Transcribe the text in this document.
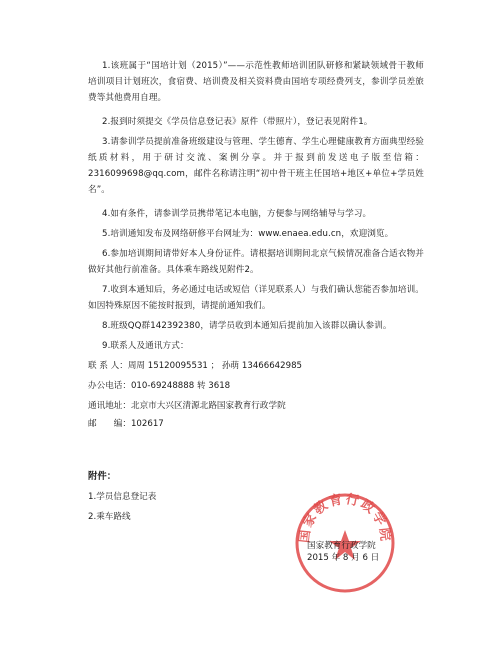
1.该班属于“国培计划（2015）”——示范性教师培训团队研修和紧缺领域骨干教师培训项目计划班次，食宿费、培训费及相关资料费由国培专项经费列支，参训学员差旅费等其他费用自理。
2.报到时须提交《学员信息登记表》原件（带照片），登记表见附件1。
3.请参训学员提前准备班级建设与管理、学生德育、学生心理健康教育方面典型经验纸质材料，用于研讨交流、案例分享。并于报到前发送电子版至信箱：2316099698@qq.com，邮件名称请注明“初中骨干班主任国培+地区+单位+学员姓名”。
4.如有条件，请参训学员携带笔记本电脑，方便参与网络辅导与学习。
5.培训通知发布及网络研修平台网址为：www.enaea.edu.cn，欢迎浏览。
6.参加培训期间请带好本人身份证件。请根据培训期间北京气候情况准备合适衣物并做好其他行前准备。具体乘车路线见附件2。
7.收到本通知后，务必通过电话或短信（详见联系人）与我们确认您能否参加培训。如因特殊原因不能按时报到，请提前通知我们。
8.班级QQ群142392380，请学员收到本通知后提前加入该群以确认参训。
9.联系人及通讯方式：
联 系 人：周周 15120095531 ； 孙萌 13466642985
办公电话：010-69248888 转 3618
通讯地址：北京市大兴区清源北路国家教育行政学院
邮　　编：102617
附件：
1.学员信息登记表
2.乘车路线
国家教育行政学院
国家教育行政学院
2015 年 8 月 6 日
